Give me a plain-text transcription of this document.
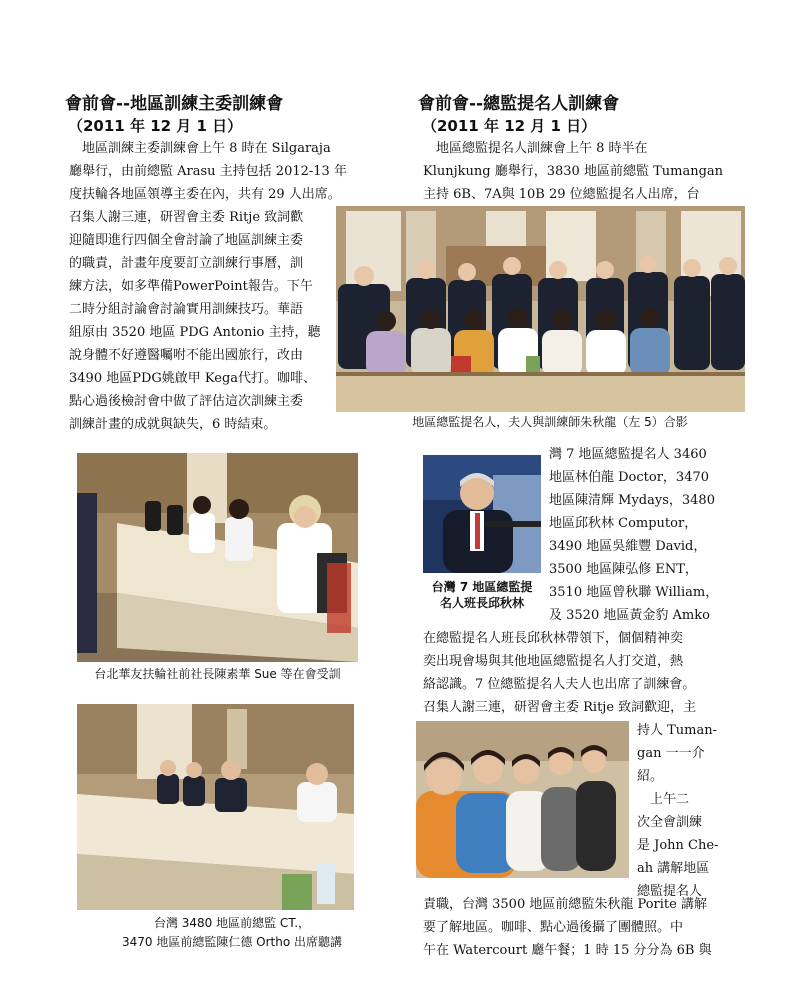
會前會--地區訓練主委訓練會
（2011 年 12 月 1 日）
　地區訓練主委訓練會上午 8 時在 Silgaraja
廳舉行，由前總監 Arasu 主持包括 2012-13 年
度扶輪各地區領導主委在內，共有 29 人出席。
召集人謝三連，研習會主委 Ritje 致詞歡
迎隨即進行四個全會討論了地區訓練主委
的職責，計畫年度要訂立訓練行事曆，訓
練方法，如多準備PowerPoint報告。下午
二時分組討論會討論實用訓練技巧。華語
組原由 3520 地區 PDG Antonio 主持，聽
說身體不好遵醫囑咐不能出國旅行，改由
3490 地區PDG姚啟甲 Kega代打。咖啡、
點心過後檢討會中做了評估這次訓練主委
訓練計畫的成就與缺失，6 時結束。
會前會--總監提名人訓練會
（2011 年 12 月 1 日）
　地區總監提名人訓練會上午 8 時半在
Klunjkung 廳舉行，3830 地區前總監 Tumangan
主持 6B、7A與 10B 29 位總監提名人出席，台
地區總監提名人，夫人與訓練師朱秋龍（左 5）合影
台灣 7 地區總監提
名人班長邱秋林
灣 7 地區總監提名人 3460
地區林伯龍 Doctor，3470
地區陳清輝 Mydays，3480
地區邱秋林 Computor，
3490 地區吳維豐 David，
3500 地區陳弘修 ENT，
3510 地區曾秋聯 William，
及 3520 地區黃金豹 Amko
在總監提名人班長邱秋林帶領下，個個精神奕
奕出現會場與其他地區總監提名人打交道，熱
絡認識。7 位總監提名人夫人也出席了訓練會。
召集人謝三連，研習會主委 Ritje 致詞歡迎，主
持人 Tuman-
gan 一一介
紹。
　上午二
次全會訓練
是 John Che-
ah 講解地區
總監提名人
責職，台灣 3500 地區前總監朱秋龍 Porite 講解
要了解地區。咖啡、點心過後攝了團體照。中
午在 Watercourt 廳午餐；1 時 15 分分為 6B 與
台北華友扶輪社前社長陳素華 Sue 等在會受訓
台灣 3480 地區前總監 CT.，
3470 地區前總監陳仁德 Ortho 出席聽講
